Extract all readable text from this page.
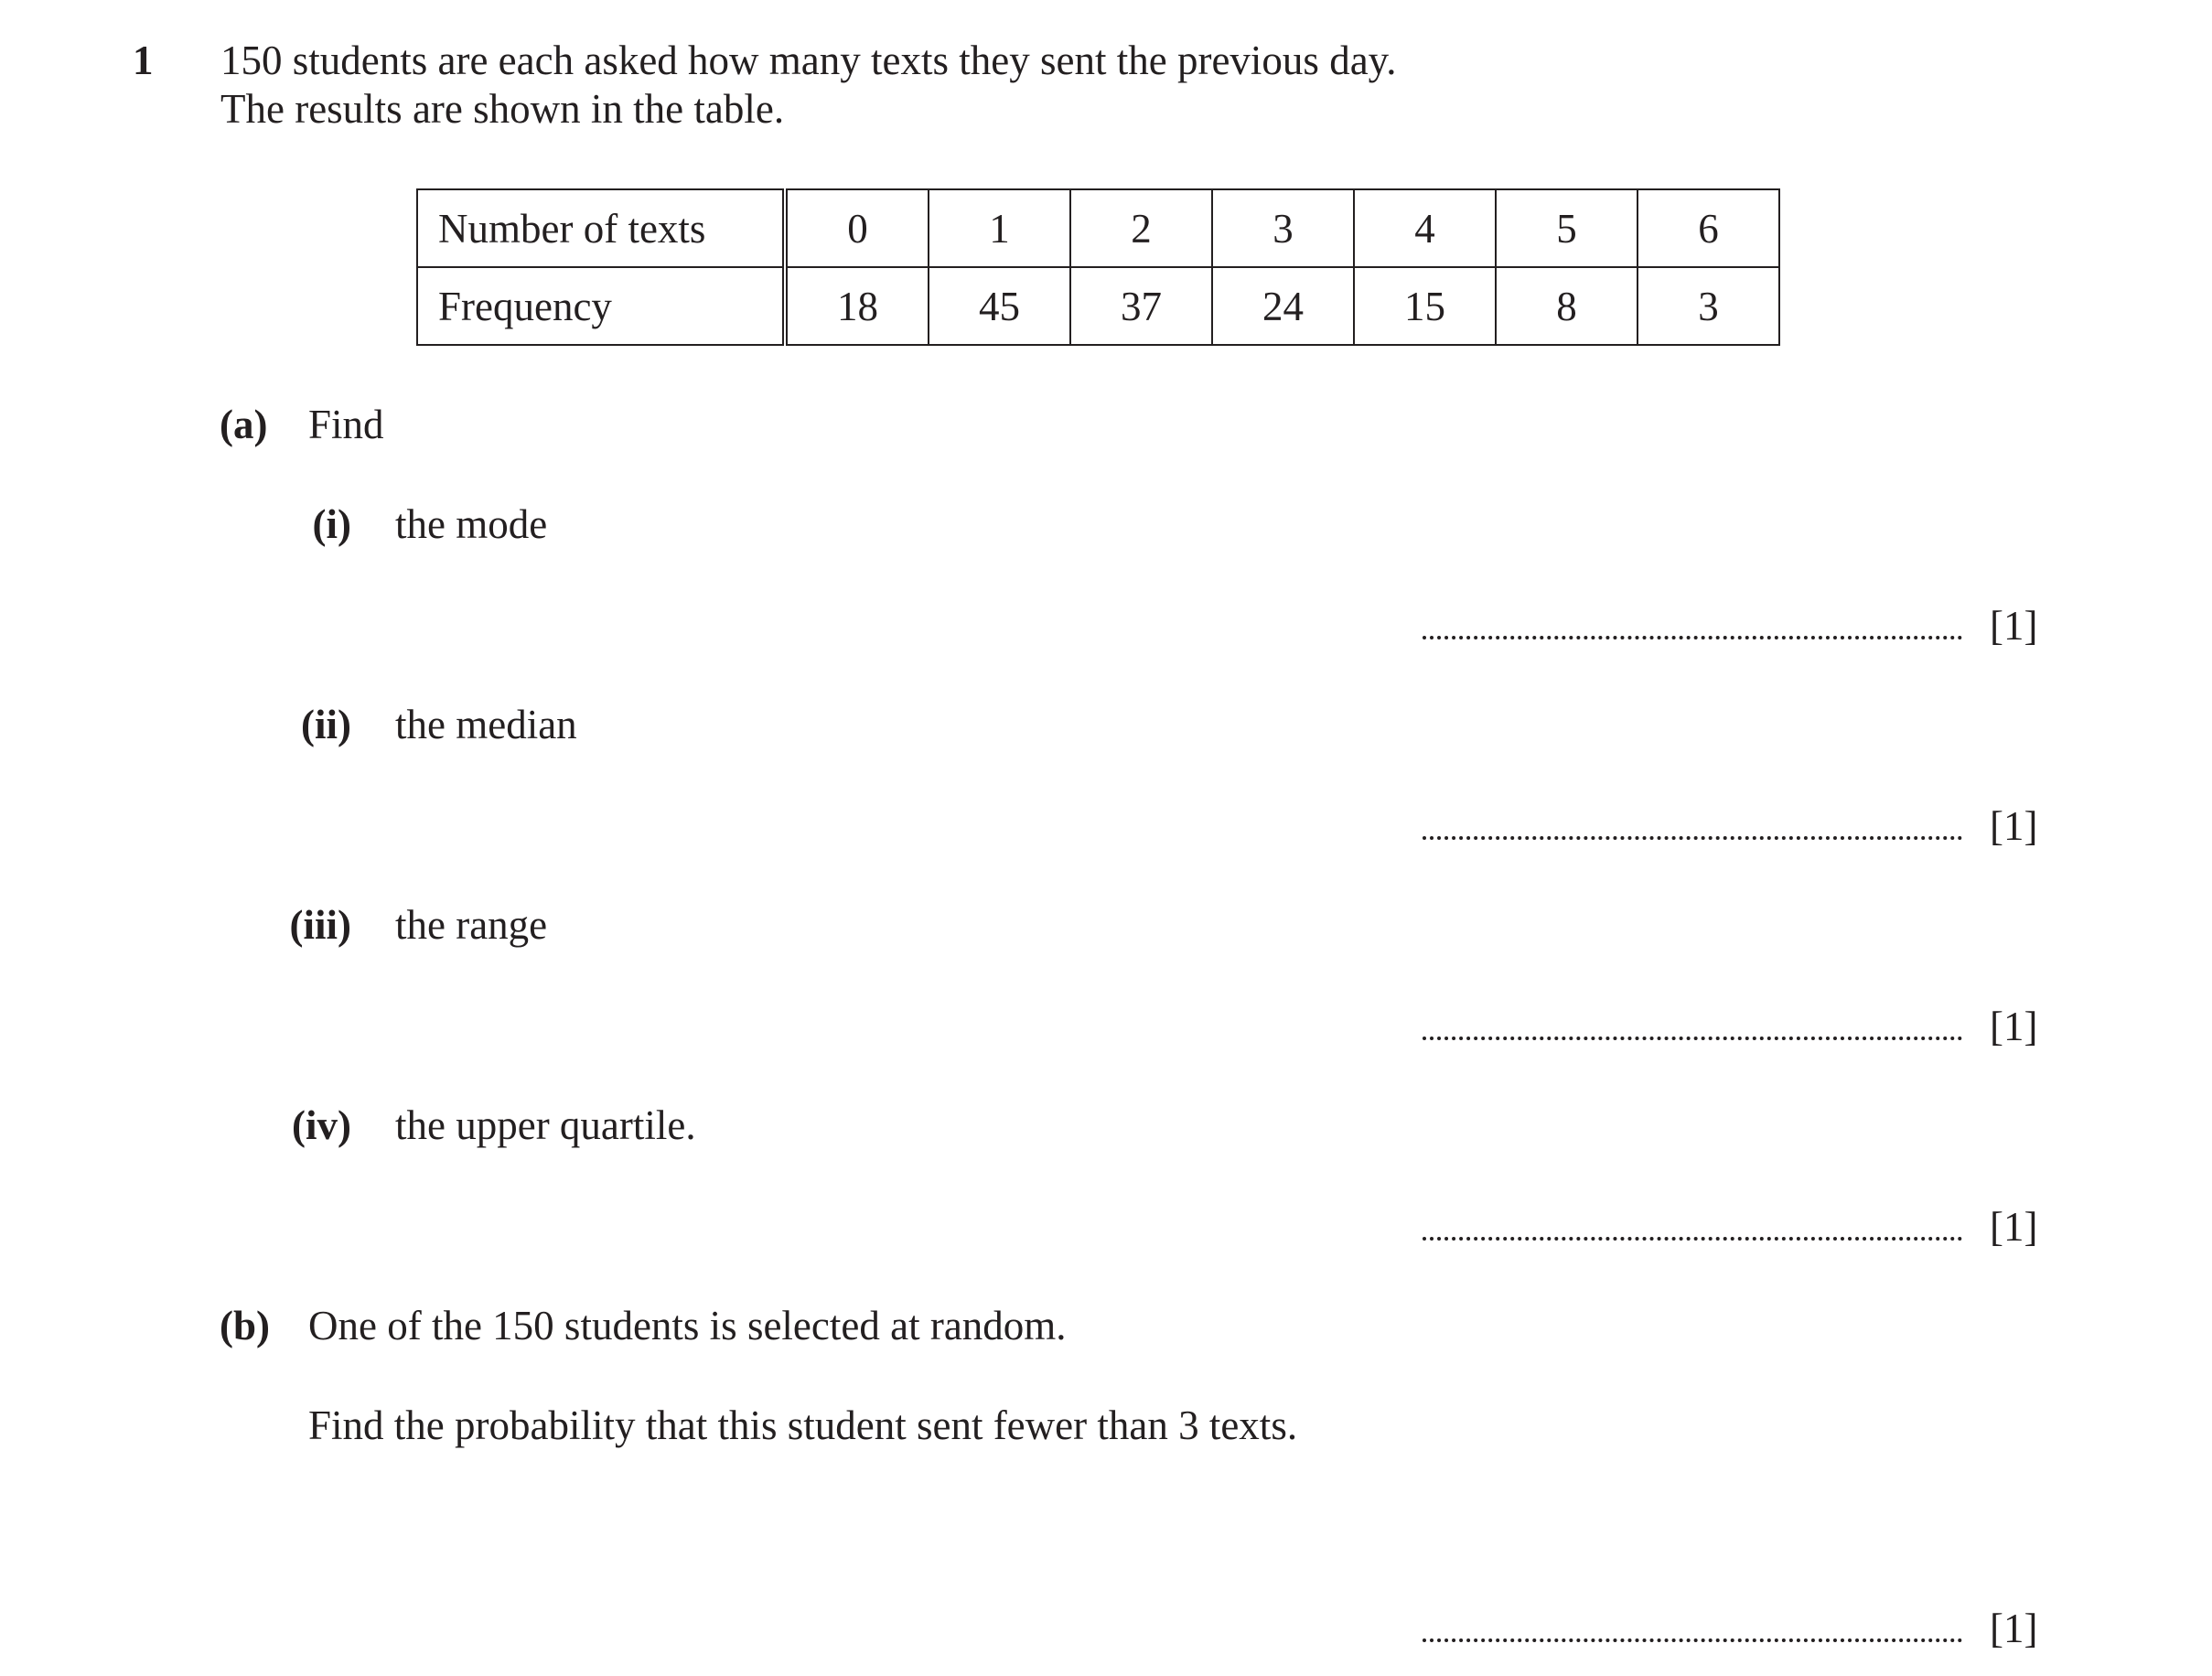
1 150 students are each asked how many texts they sent the previous day.
The results are shown in the table.
Number of texts	0	1	2	3	4	5	6
Frequency	18	45	37	24	15	8	3
(a) Find
(i) the mode
[1]
(ii) the median
[1]
(iii) the range
[1]
(iv) the upper quartile.
[1]
(b) One of the 150 students is selected at random.
Find the probability that this student sent fewer than 3 texts.
[1]
